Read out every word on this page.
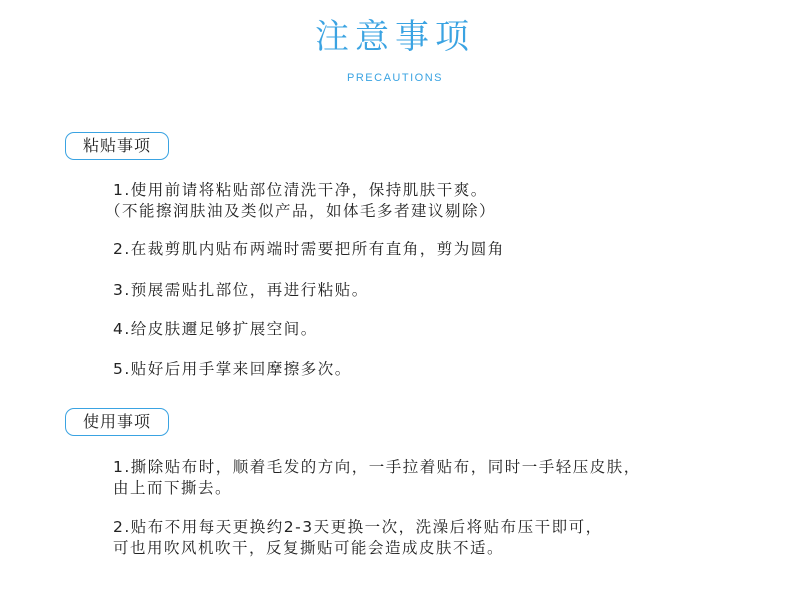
注意事项
PRECAUTIONS
粘贴事项
1.使用前请将粘贴部位清洗干净，保持肌肤干爽。
（不能擦润肤油及类似产品，如体毛多者建议剔除）
2.在裁剪肌内贴布两端时需要把所有直角，剪为圆角
3.预展需贴扎部位，再进行粘贴。
4.给皮肤邇足够扩展空间。
5.贴好后用手掌来回摩擦多次。
使用事项
1.撕除贴布时，顺着毛发的方向，一手拉着贴布，同时一手轻压皮肤，
由上而下撕去。
2.贴布不用每天更换约2-3天更换一次，洗澡后将贴布压干即可，
可也用吹风机吹干，反复撕贴可能会造成皮肤不适。
